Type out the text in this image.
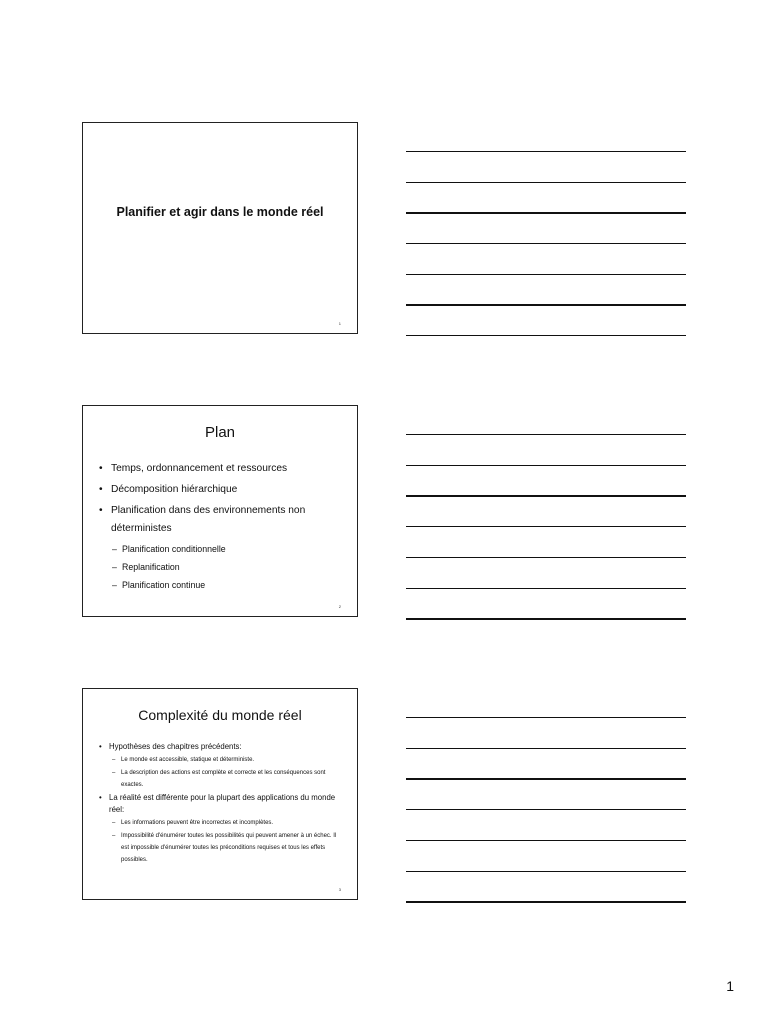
Planifier et agir dans le monde réel
1
Plan
• Temps, ordonnancement et ressources
• Décomposition hiérarchique
• Planification dans des environnements non déterministes
– Planification conditionnelle
– Replanification
– Planification continue
2
Complexité du monde réel
• Hypothèses des chapitres précédents:
– Le monde est accessible, statique et déterministe.
– La description des actions est complète et correcte et les conséquences sont exactes.
• La réalité est différente pour la plupart des applications du monde réel:
– Les informations peuvent être incorrectes et incomplètes.
– Impossibilité d'énumérer toutes les possibilités qui peuvent amener à un échec. Il est impossible d'énumérer toutes les préconditions requises et tous les effets possibles.
3
1
